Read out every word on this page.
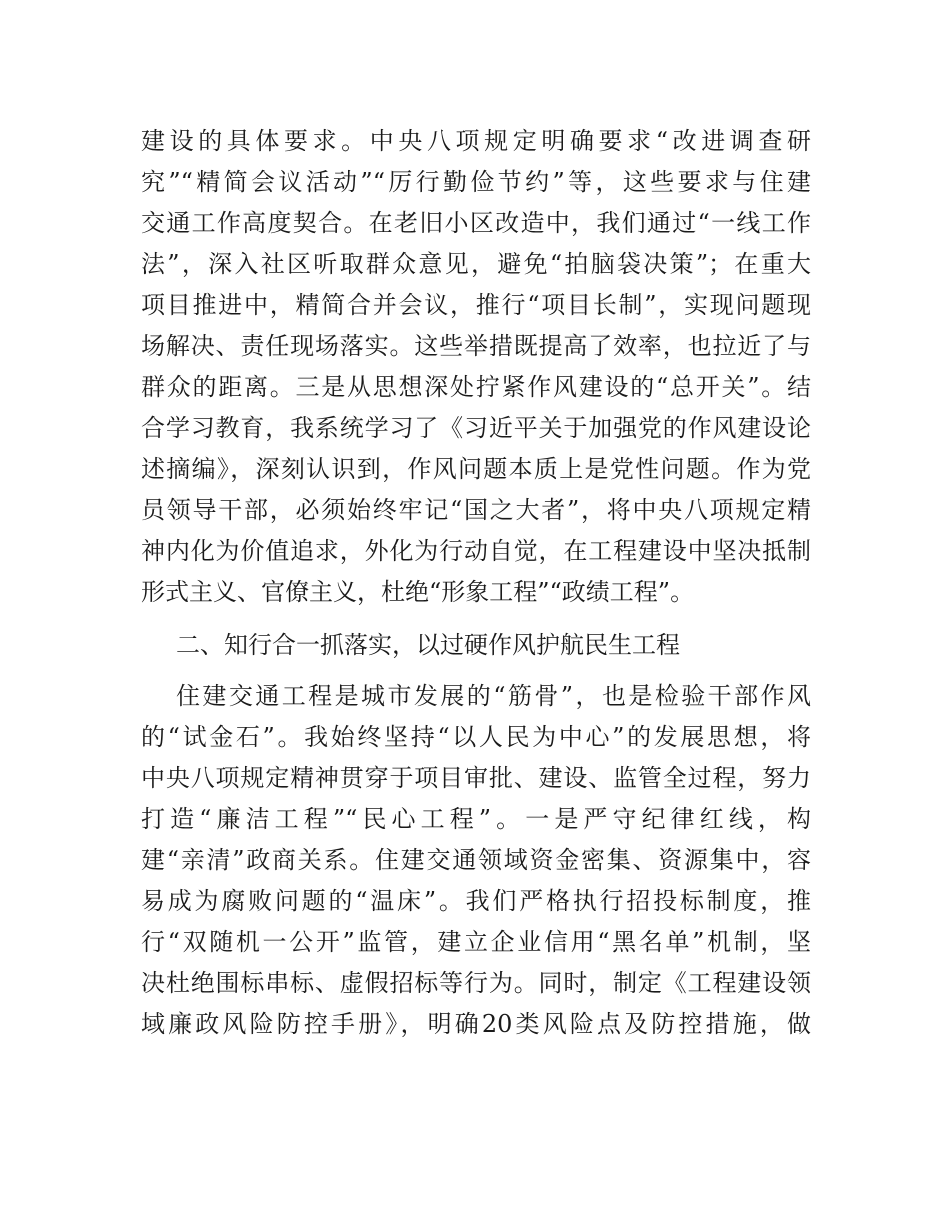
建设的具体要求。中央八项规定明确要求“改进调查研
究”“精简会议活动”“厉行勤俭节约”等，这些要求与住建
交通工作高度契合。在老旧小区改造中，我们通过“一线工作
法”，深入社区听取群众意见，避免“拍脑袋决策”；在重大
项目推进中，精简合并会议，推行“项目长制”，实现问题现
场解决、责任现场落实。这些举措既提高了效率，也拉近了与
群众的距离。三是从思想深处拧紧作风建设的“总开关”。结
合学习教育，我系统学习了《习近平关于加强党的作风建设论
述摘编》，深刻认识到，作风问题本质上是党性问题。作为党
员领导干部，必须始终牢记“国之大者”，将中央八项规定精
神内化为价值追求，外化为行动自觉，在工程建设中坚决抵制
形式主义、官僚主义，杜绝“形象工程”“政绩工程”。
二、知行合一抓落实，以过硬作风护航民生工程
住建交通工程是城市发展的“筋骨”，也是检验干部作风
的“试金石”。我始终坚持“以人民为中心”的发展思想，将
中央八项规定精神贯穿于项目审批、建设、监管全过程，努力
打造“廉洁工程”“民心工程”。一是严守纪律红线，构
建“亲清”政商关系。住建交通领域资金密集、资源集中，容
易成为腐败问题的“温床”。我们严格执行招投标制度，推
行“双随机一公开”监管，建立企业信用“黑名单”机制，坚
决杜绝围标串标、虚假招标等行为。同时，制定《工程建设领
域廉政风险防控手册》，明确20类风险点及防控措施，做
